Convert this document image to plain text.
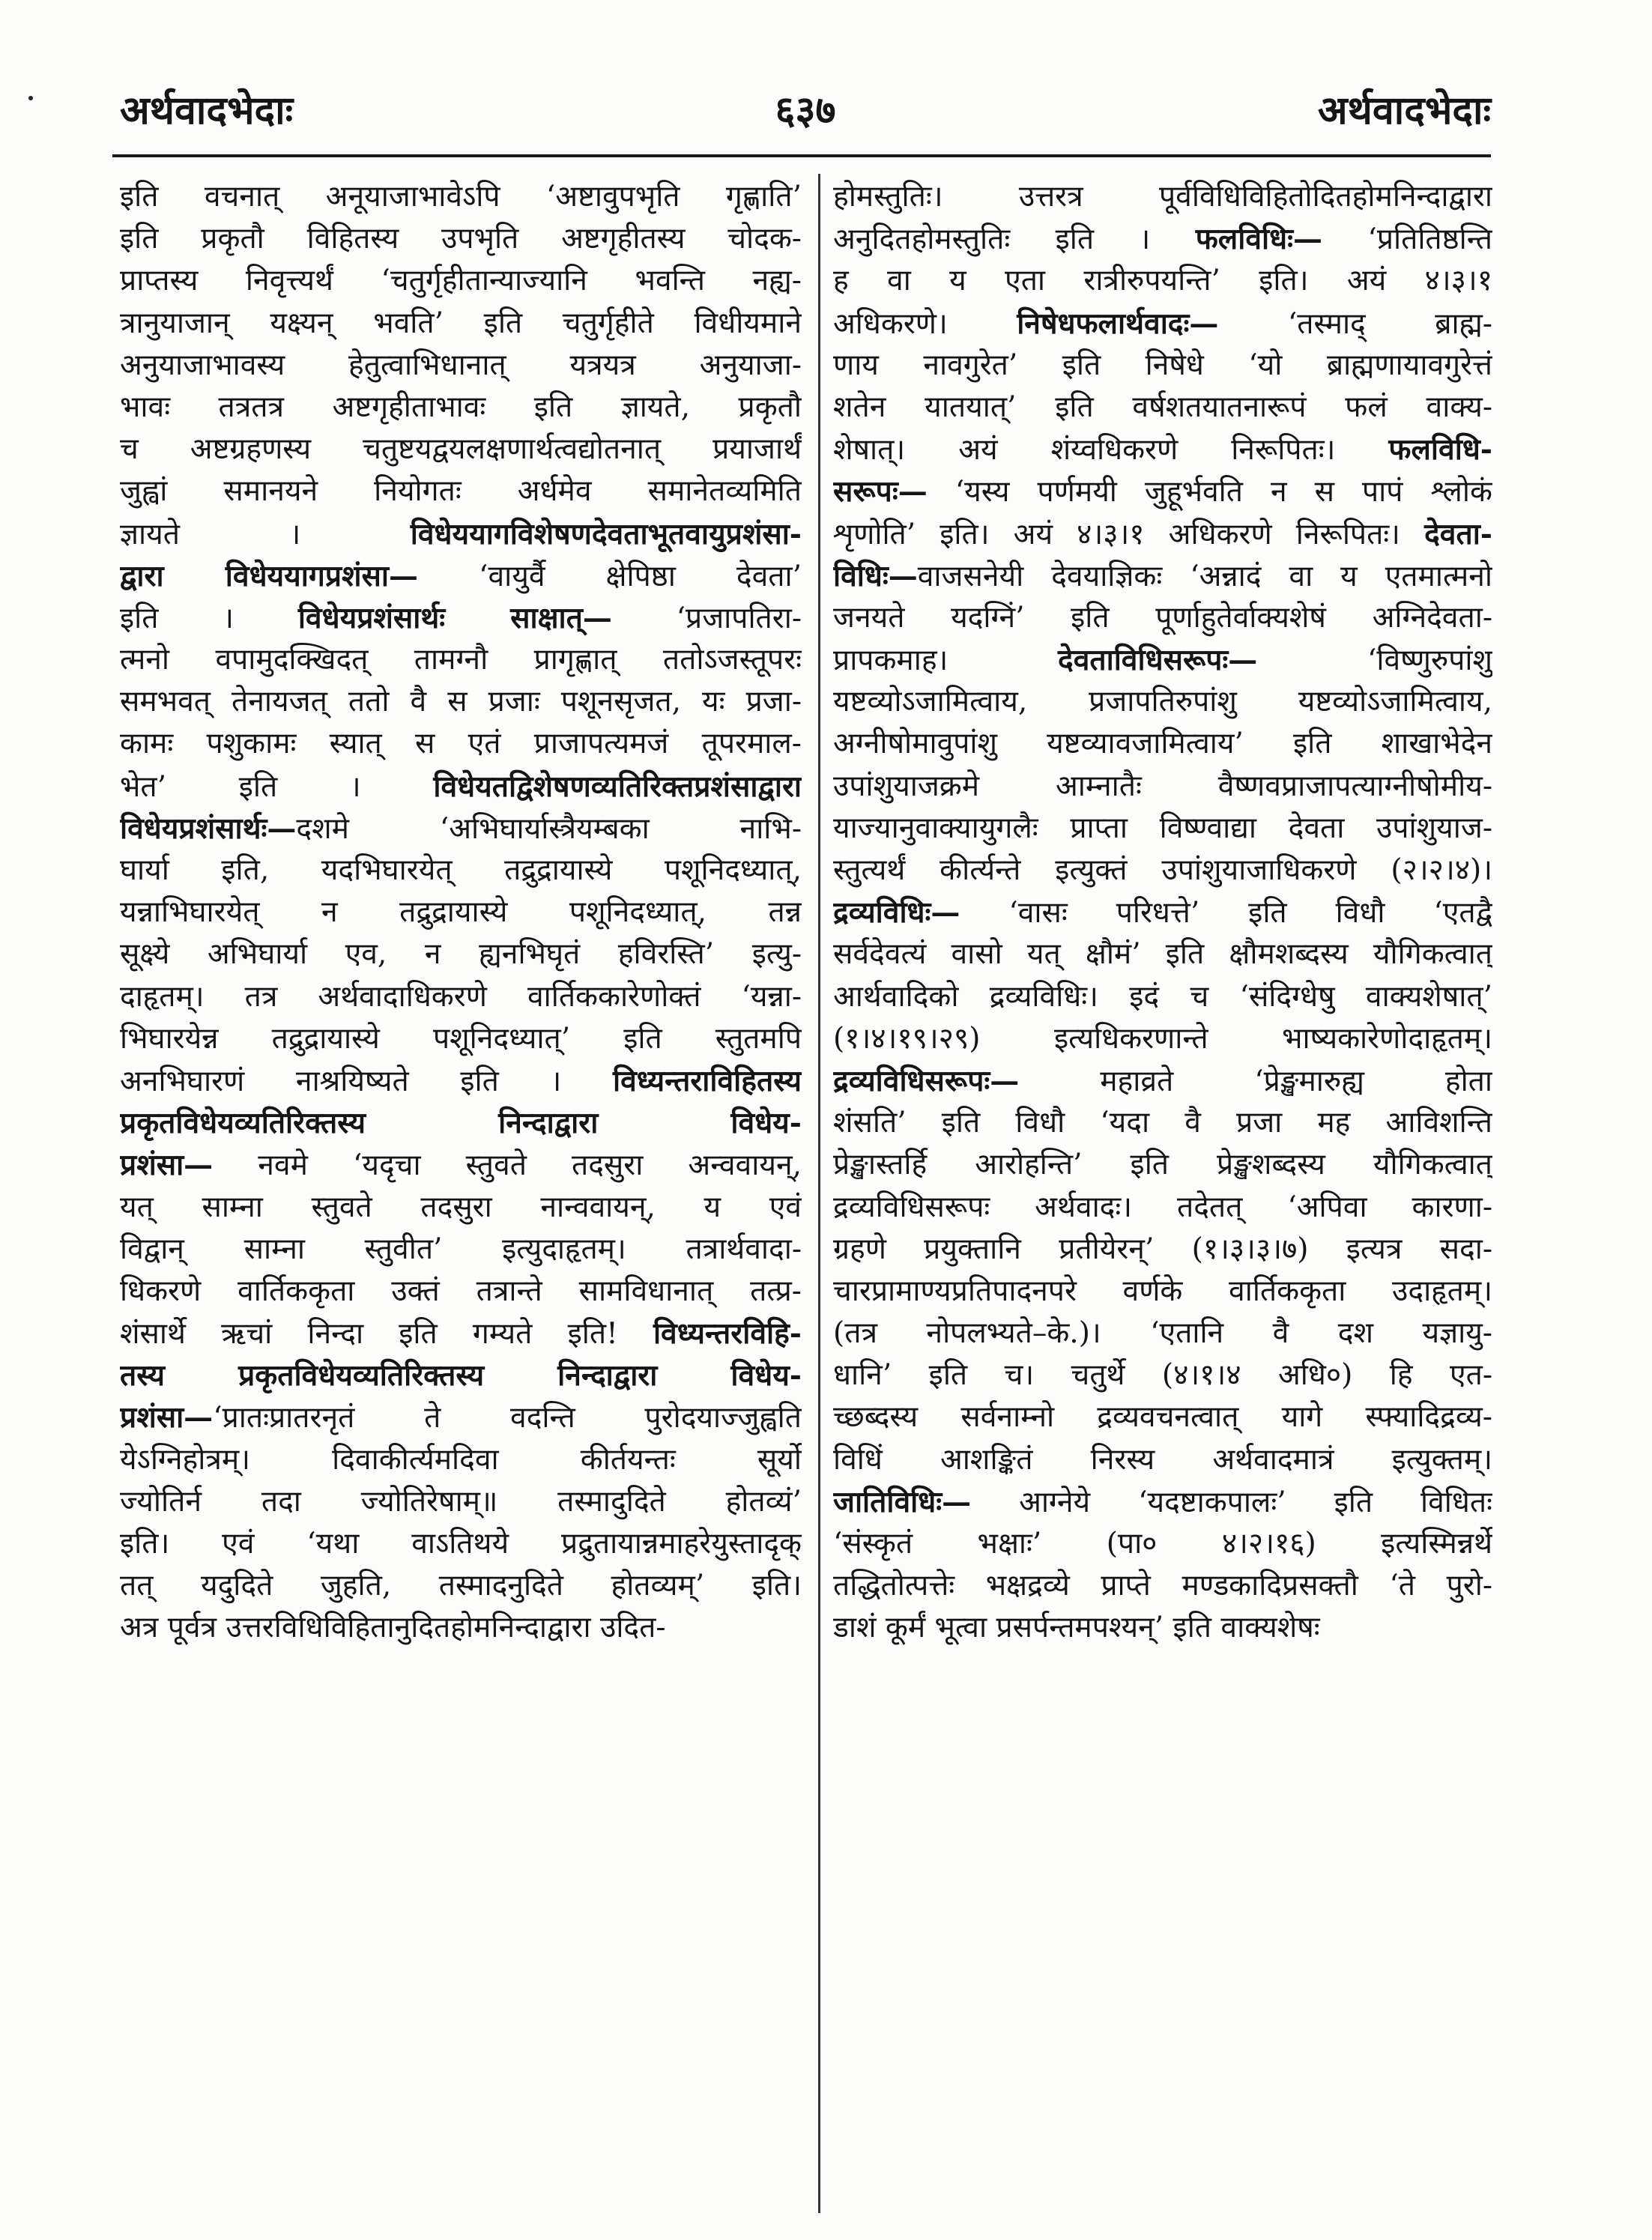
अर्थवादभेदाः	६३७	अर्थवादभेदाः
इति वचनात् अनूयाजाभावेऽपि ‘अष्टावुपभृति गृह्णाति’
इति प्रकृतौ विहितस्य उपभृति अष्टगृहीतस्य चोदक-
प्राप्तस्य निवृत्त्यर्थं ‘चतुर्गृहीतान्याज्यानि भवन्ति नह्य-
त्रानुयाजान् यक्ष्यन् भवति’ इति चतुर्गृहीते विधीयमाने
अनुयाजाभावस्य हेतुत्वाभिधानात् यत्रयत्र अनुयाजा-
भावः तत्रतत्र अष्टगृहीताभावः इति ज्ञायते, प्रकृतौ
च अष्टग्रहणस्य चतुष्टयद्वयलक्षणार्थत्वद्योतनात् प्रयाजार्थं
जुह्वां समानयने नियोगतः अर्धमेव समानेतव्यमिति
ज्ञायते । विधेययागविशेषणदेवताभूतवायुप्रशंसा-
द्वारा विधेययागप्रशंसा— ‘वायुर्वै क्षेपिष्ठा देवता’
इति । विधेयप्रशंसार्थः साक्षात्— ‘प्रजापतिरा-
त्मनो वपामुदक्खिदत् तामग्नौ प्रागृह्णात् ततोऽजस्तूपरः
समभवत् तेनायजत् ततो वै स प्रजाः पशूनसृजत, यः प्रजा-
कामः पशुकामः स्यात् स एतं प्राजापत्यमजं तूपरमाल-
भेत’ इति । विधेयतद्विशेषणव्यतिरिक्तप्रशंसाद्वारा
विधेयप्रशंसार्थः—दशमे ‘अभिघार्यास्त्रैयम्बका नाभि-
घार्या इति, यदभिघारयेत् तद्रुद्रायास्ये पशूनिदध्यात्,
यन्नाभिघारयेत् न तद्रुद्रायास्ये पशूनिदध्यात्, तन्न
सूक्ष्ये अभिघार्या एव, न ह्यनभिघृतं हविरस्ति’ इत्यु-
दाहृतम्। तत्र अर्थवादाधिकरणे वार्तिककारेणोक्तं ‘यन्ना-
भिघारयेन्न तद्रुद्रायास्ये पशूनिदध्यात्’ इति स्तुतमपि
अनभिघारणं नाश्रयिष्यते इति । विध्यन्तराविहितस्य
प्रकृतविधेयव्यतिरिक्तस्य निन्दाद्वारा विधेय-
प्रशंसा— नवमे ‘यदृचा स्तुवते तदसुरा अन्ववायन्,
यत् साम्ना स्तुवते तदसुरा नान्ववायन्, य एवं
विद्वान् साम्ना स्तुवीत’ इत्युदाहृतम्। तत्रार्थवादा-
धिकरणे वार्तिककृता उक्तं तत्रान्ते सामविधानात् तत्प्र-
शंसार्थे ऋचां निन्दा इति गम्यते इति! विध्यन्तरविहि-
तस्य प्रकृतविधेयव्यतिरिक्तस्य निन्दाद्वारा विधेय-
प्रशंसा—‘प्रातःप्रातरनृतं ते वदन्ति पुरोदयाज्जुह्वति
येऽग्निहोत्रम्। दिवाकीर्त्यमदिवा कीर्तयन्तः सूर्यो
ज्योतिर्न तदा ज्योतिरेषाम्॥ तस्मादुदिते होतव्यं’
इति। एवं ‘यथा वाऽतिथये प्रद्रुतायान्नमाहरेयुस्तादृक्
तत् यदुदिते जुहति, तस्मादनुदिते होतव्यम्’ इति।
अत्र पूर्वत्र उत्तरविधिविहितानुदितहोमनिन्दाद्वारा उदित-
होमस्तुतिः। उत्तरत्र पूर्वविधिविहितोदितहोमनिन्दाद्वारा
अनुदितहोमस्तुतिः इति । फलविधिः— ‘प्रतितिष्ठन्ति
ह वा य एता रात्रीरुपयन्ति’ इति। अयं ४।३।१
अधिकरणे। निषेधफलार्थवादः— ‘तस्माद् ब्राह्म-
णाय नावगुरेत’ इति निषेधे ‘यो ब्राह्मणायावगुरेत्तं
शतेन यातयात्’ इति वर्षशतयातनारूपं फलं वाक्य-
शेषात्। अयं शंय्वधिकरणे निरूपितः। फलविधि-
सरूपः— ‘यस्य पर्णमयी जुहूर्भवति न स पापं श्लोकं
शृणोति’ इति। अयं ४।३।१ अधिकरणे निरूपितः। देवता-
विधिः—वाजसनेयी देवयाज्ञिकः ‘अन्नादं वा य एतमात्मनो
जनयते यदग्निं’ इति पूर्णाहुतेर्वाक्यशेषं अग्निदेवता-
प्रापकमाह। देवताविधिसरूपः— ‘विष्णुरुपांशु
यष्टव्योऽजामित्वाय, प्रजापतिरुपांशु यष्टव्योऽजामित्वाय,
अग्नीषोमावुपांशु यष्टव्यावजामित्वाय’ इति शाखाभेदेन
उपांशुयाजक्रमे आम्नातैः वैष्णवप्राजापत्याग्नीषोमीय-
याज्यानुवाक्यायुगलैः प्राप्ता विष्ण्वाद्या देवता उपांशुयाज-
स्तुत्यर्थं कीर्त्यन्ते इत्युक्तं उपांशुयाजाधिकरणे (२।२।४)।
द्रव्यविधिः— ‘वासः परिधत्ते’ इति विधौ ‘एतद्वै
सर्वदेवत्यं वासो यत् क्षौमं’ इति क्षौमशब्दस्य यौगिकत्वात्
आर्थवादिको द्रव्यविधिः। इदं च ‘संदिग्धेषु वाक्यशेषात्’
(१।४।१९।२९) इत्यधिकरणान्ते भाष्यकारेणोदाहृतम्।
द्रव्यविधिसरूपः— महाव्रते ‘प्रेङ्खमारुह्य होता
शंसति’ इति विधौ ‘यदा वै प्रजा मह आविशन्ति
प्रेङ्खास्तर्हि आरोहन्ति’ इति प्रेङ्खशब्दस्य यौगिकत्वात्
द्रव्यविधिसरूपः अर्थवादः। तदेतत् ‘अपिवा कारणा-
ग्रहणे प्रयुक्तानि प्रतीयेरन्’ (१।३।३।७) इत्यत्र सदा-
चारप्रामाण्यप्रतिपादनपरे वर्णके वार्तिककृता उदाहृतम्।
(तत्र नोपलभ्यते–के.)। ‘एतानि वै दश यज्ञायु-
धानि’ इति च। चतुर्थे (४।१।४ अधि०) हि एत-
च्छब्दस्य सर्वनाम्नो द्रव्यवचनत्वात् यागे स्फ्यादिद्रव्य-
विधिं आशङ्कितं निरस्य अर्थवादमात्रं इत्युक्तम्।
जातिविधिः— आग्नेये ‘यदष्टाकपालः’ इति विधितः
‘संस्कृतं भक्षाः’ (पा० ४।२।१६) इत्यस्मिन्नर्थे
तद्धितोत्पत्तेः भक्षद्रव्ये प्राप्ते मण्डकादिप्रसक्तौ ‘ते पुरो-
डाशं कूर्मं भूत्वा प्रसर्पन्तमपश्यन्’ इति वाक्यशेषः
